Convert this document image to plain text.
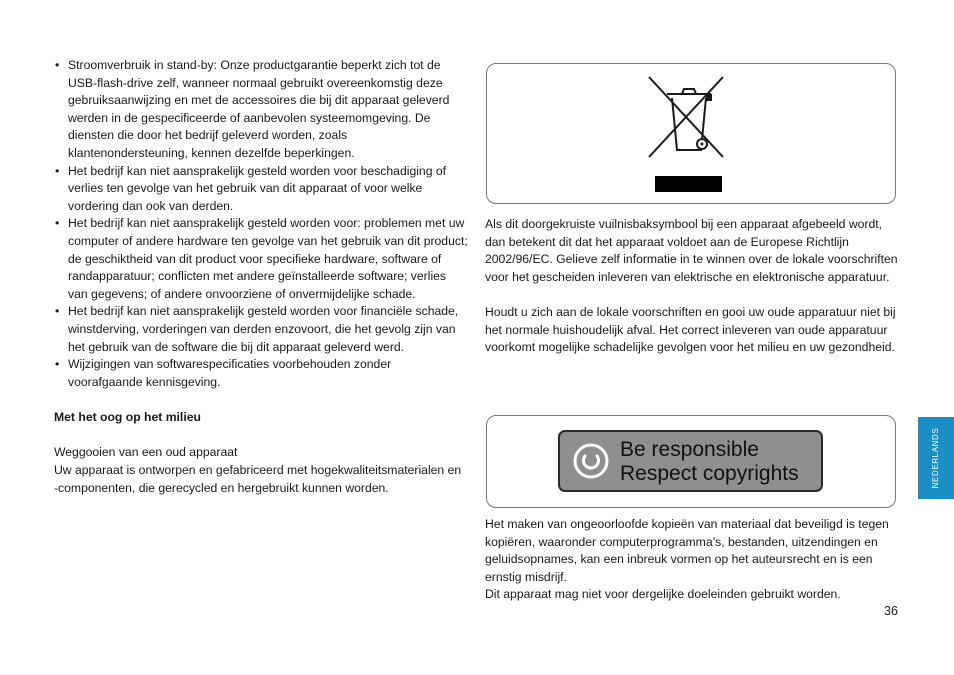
• Stroomverbruik in stand-by: Onze productgarantie beperkt zich tot de USB-flash-drive zelf, wanneer normaal gebruikt overeenkomstig deze gebruiksaanwijzing en met de accessoires die bij dit apparaat geleverd werden in de gespecificeerde of aanbevolen systeemomgeving. De diensten die door het bedrijf geleverd worden, zoals klantenondersteuning, kennen dezelfde beperkingen.
• Het bedrijf kan niet aansprakelijk gesteld worden voor beschadiging of verlies ten gevolge van het gebruik van dit apparaat of voor welke vordering dan ook van derden.
• Het bedrijf kan niet aansprakelijk gesteld worden voor: problemen met uw computer of andere hardware ten gevolge van het gebruik van dit product; de geschiktheid van dit product voor specifieke hardware, software of randapparatuur; conflicten met andere geïnstalleerde software; verlies van gegevens; of andere onvoorziene of onvermijdelijke schade.
• Het bedrijf kan niet aansprakelijk gesteld worden voor financiële schade, winstderving, vorderingen van derden enzovoort, die het gevolg zijn van het gebruik van de software die bij dit apparaat geleverd werd.
• Wijzigingen van softwarespecificaties voorbehouden zonder voorafgaande kennisgeving.
Met het oog op het milieu

Weggooien van een oud apparaat

Uw apparaat is ontworpen en gefabriceerd met hogekwaliteitsmaterialen en -componenten, die gerecycled en hergebruikt kunnen worden.

Als dit doorgekruiste vuilnisbaksymbool bij een apparaat afgebeeld wordt, dan betekent dit dat het apparaat voldoet aan de Europese Richtlijn 2002/96/EC. Gelieve zelf informatie in te winnen over de lokale voorschriften voor het gescheiden inleveren van elektrische en elektronische apparatuur.

Houdt u zich aan de lokale voorschriften en gooi uw oude apparatuur niet bij het normale huishoudelijk afval. Het correct inleveren van oude apparatuur voorkomt mogelijke schadelijke gevolgen voor het milieu en uw gezondheid.

Be responsible
Respect copyrights

Het maken van ongeoorloofde kopieën van materiaal dat beveiligd is tegen kopiëren, waaronder computerprogramma’s, bestanden, uitzendingen en geluidsopnames, kan een inbreuk vormen op het auteursrecht en is een ernstig misdrijf.

Dit apparaat mag niet voor dergelijke doeleinden gebruikt worden.

NEDERLANDS
36
